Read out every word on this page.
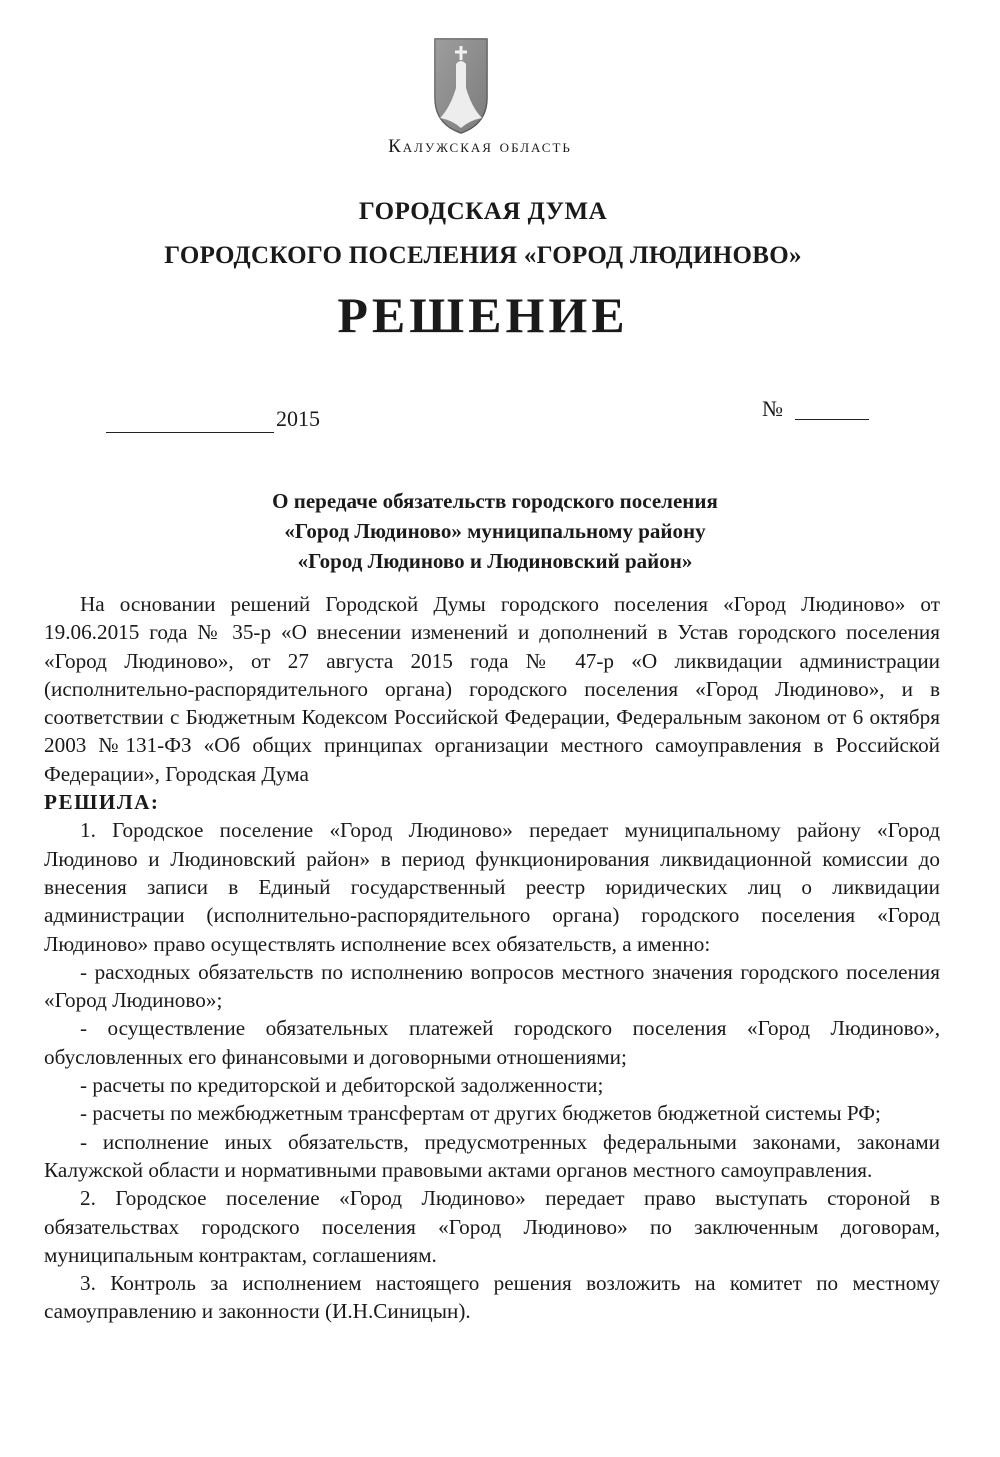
Калужская область
ГОРОДСКАЯ ДУМА
ГОРОДСКОГО ПОСЕЛЕНИЯ «ГОРОД ЛЮДИНОВО»
РЕШЕНИЕ
2015	№
О передаче обязательств городского поселения
«Город Людиново» муниципальному району
«Город Людиново и Людиновский район»

На основании решений Городской Думы городского поселения «Город Людиново» от 19.06.2015 года № 35-р «О внесении изменений и дополнений в Устав городского поселения «Город Людиново», от 27 августа 2015 года № 47-р «О ликвидации администрации (исполнительно-распорядительного органа) городского поселения «Город Людиново», и в соответствии с Бюджетным Кодексом Российской Федерации, Федеральным законом от 6 октября 2003 №131-ФЗ «Об общих принципах организации местного самоуправления в Российской Федерации», Городская Дума

РЕШИЛА:

1. Городское поселение «Город Людиново» передает муниципальному району «Город Людиново и Людиновский район» в период функционирования ликвидационной комиссии до внесения записи в Единый государственный реестр юридических лиц о ликвидации администрации (исполнительно-распорядительного органа) городского поселения «Город Людиново» право осуществлять исполнение всех обязательств, а именно:

- расходных обязательств по исполнению вопросов местного значения городского поселения «Город Людиново»;

- осуществление обязательных платежей городского поселения «Город Людиново», обусловленных его финансовыми и договорными отношениями;

- расчеты по кредиторской и дебиторской задолженности;

- расчеты по межбюджетным трансфертам от других бюджетов бюджетной системы РФ;

- исполнение иных обязательств, предусмотренных федеральными законами, законами Калужской области и нормативными правовыми актами органов местного самоуправления.

2. Городское поселение «Город Людиново» передает право выступать стороной в обязательствах городского поселения «Город Людиново» по заключенным договорам, муниципальным контрактам, соглашениям.

3. Контроль за исполнением настоящего решения возложить на комитет по местному самоуправлению и законности (И.Н.Синицын).
